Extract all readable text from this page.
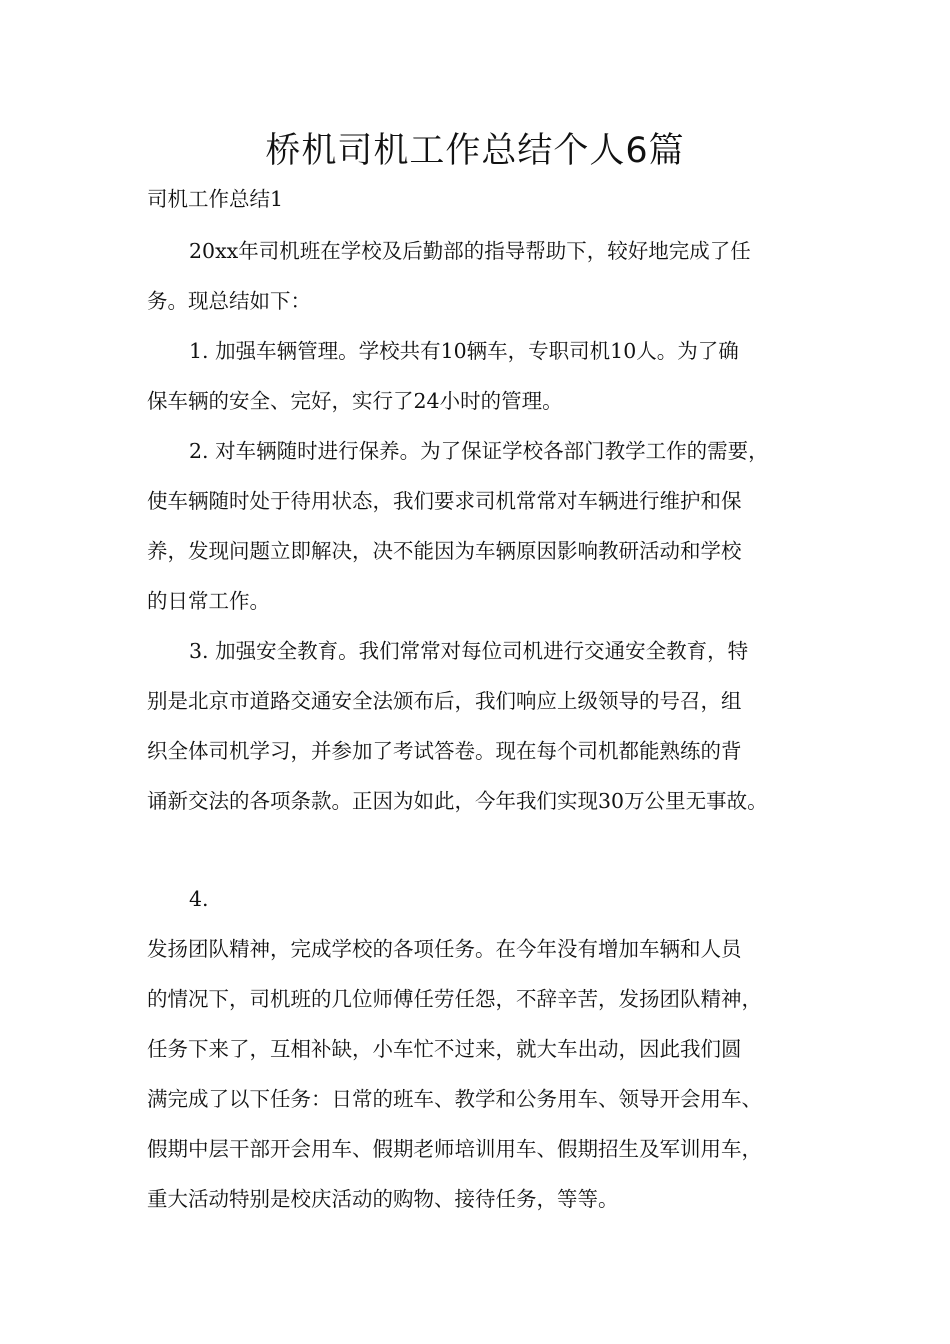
桥机司机工作总结个人6篇

司机工作总结1

20xx年司机班在学校及后勤部的指导帮助下，较好地完成了任

务。现总结如下：

1. 加强车辆管理。学校共有10辆车，专职司机10人。为了确

保车辆的安全、完好，实行了24小时的管理。

2. 对车辆随时进行保养。为了保证学校各部门教学工作的需要，

使车辆随时处于待用状态，我们要求司机常常对车辆进行维护和保

养，发现问题立即解决，决不能因为车辆原因影响教研活动和学校

的日常工作。

3. 加强安全教育。我们常常对每位司机进行交通安全教育，特

别是北京市道路交通安全法颁布后，我们响应上级领导的号召，组

织全体司机学习，并参加了考试答卷。现在每个司机都能熟练的背

诵新交法的各项条款。正因为如此，今年我们实现30万公里无事故。

4.

发扬团队精神，完成学校的各项任务。在今年没有增加车辆和人员

的情况下，司机班的几位师傅任劳任怨，不辞辛苦，发扬团队精神，

任务下来了，互相补缺，小车忙不过来，就大车出动，因此我们圆

满完成了以下任务：日常的班车、教学和公务用车、领导开会用车、

假期中层干部开会用车、假期老师培训用车、假期招生及军训用车，

重大活动特别是校庆活动的购物、接待任务，等等。
